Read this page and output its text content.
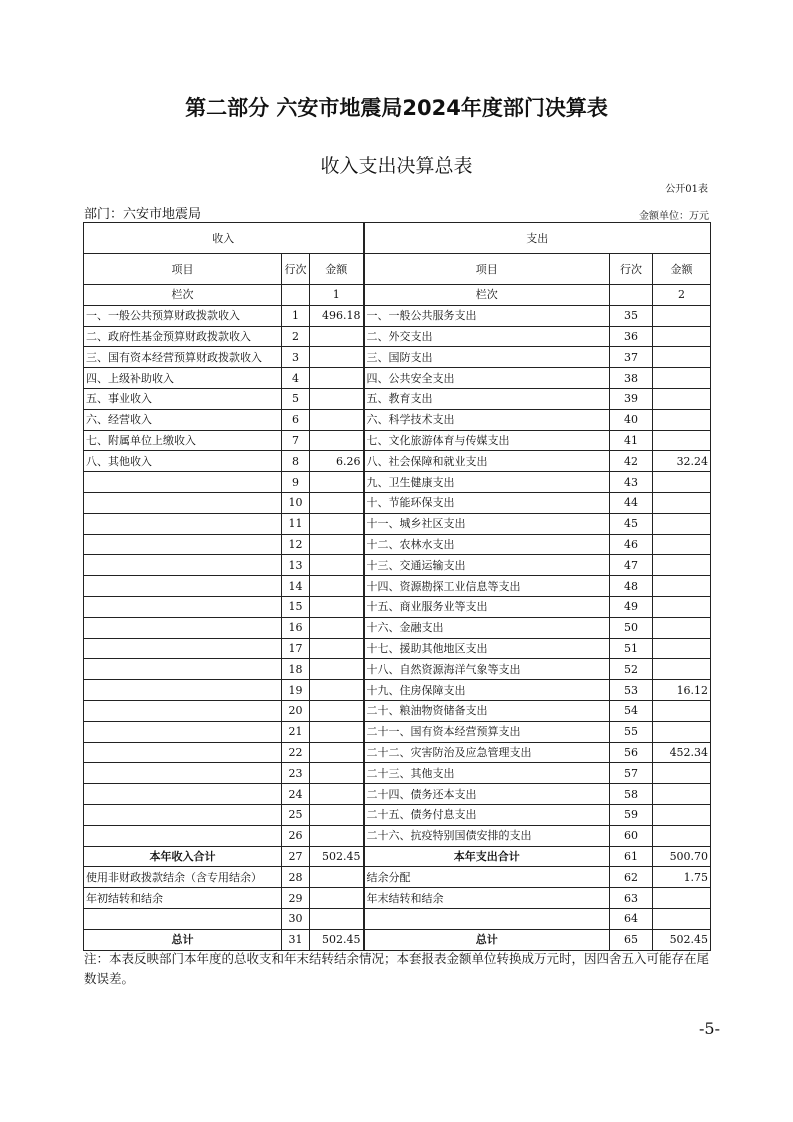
第二部分 六安市地震局2024年度部门决算表
收入支出决算总表
公开01表
部门：六安市地震局	金额单位：万元
收入			支出		
项目	行次	金额	项目	行次	金额
栏次		1	栏次		2
一、一般公共预算财政拨款收入	1	496.18	一、一般公共服务支出	35	
二、政府性基金预算财政拨款收入	2		二、外交支出	36	
三、国有资本经营预算财政拨款收入	3		三、国防支出	37	
四、上级补助收入	4		四、公共安全支出	38	
五、事业收入	5		五、教育支出	39	
六、经营收入	6		六、科学技术支出	40	
七、附属单位上缴收入	7		七、文化旅游体育与传媒支出	41	
八、其他收入	8	6.26	八、社会保障和就业支出	42	32.24
	9		九、卫生健康支出	43	
	10		十、节能环保支出	44	
	11		十一、城乡社区支出	45	
	12		十二、农林水支出	46	
	13		十三、交通运输支出	47	
	14		十四、资源勘探工业信息等支出	48	
	15		十五、商业服务业等支出	49	
	16		十六、金融支出	50	
	17		十七、援助其他地区支出	51	
	18		十八、自然资源海洋气象等支出	52	
	19		十九、住房保障支出	53	16.12
	20		二十、粮油物资储备支出	54	
	21		二十一、国有资本经营预算支出	55	
	22		二十二、灾害防治及应急管理支出	56	452.34
	23		二十三、其他支出	57	
	24		二十四、债务还本支出	58	
	25		二十五、债务付息支出	59	
	26		二十六、抗疫特别国债安排的支出	60	
本年收入合计	27	502.45	本年支出合计	61	500.70
使用非财政拨款结余（含专用结余）	28		结余分配	62	1.75
年初结转和结余	29		年末结转和结余	63	
	30			64	
总计	31	502.45	总计	65	502.45
注：本表反映部门本年度的总收支和年末结转结余情况；本套报表金额单位转换成万元时，因四舍五入可能存在尾数误差。
-5-
